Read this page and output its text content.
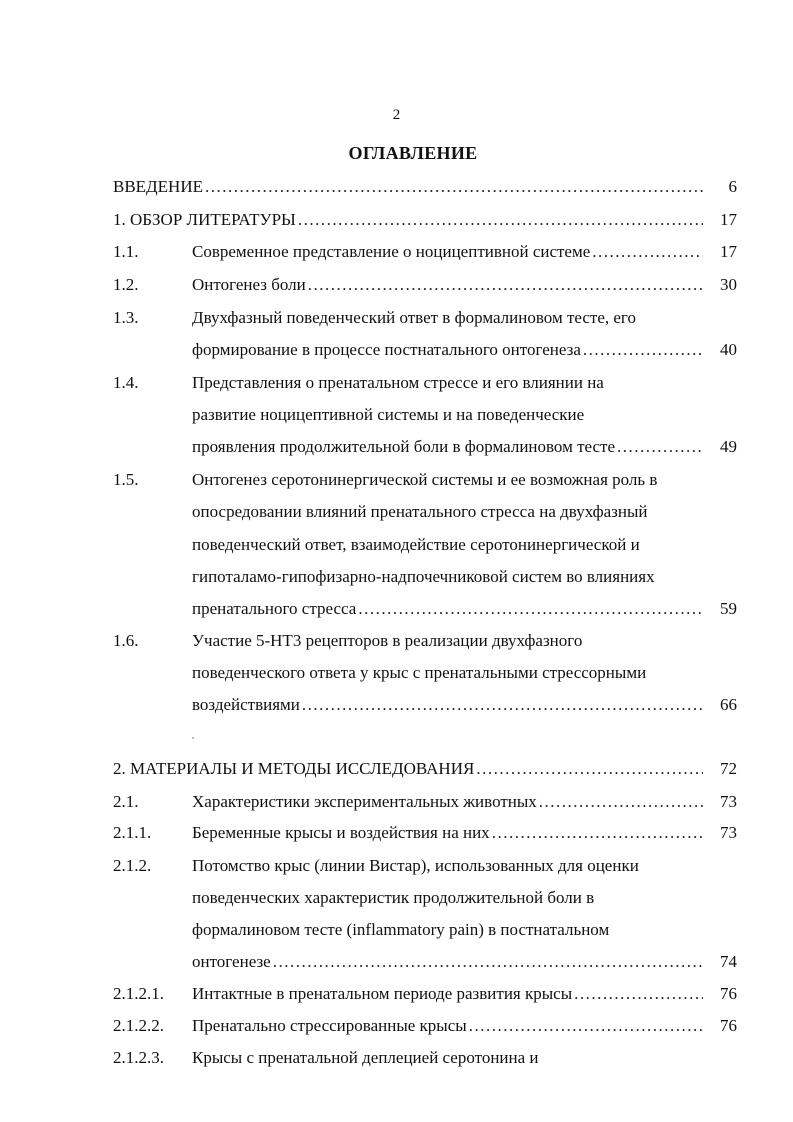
2
ОГЛАВЛЕНИЕ
ВВЕДЕНИЕ .....	6
1. ОБЗОР ЛИТЕРАТУРЫ .....	17
1.1.	Современное представление о ноцицептивной системе .....	17
1.2.	Онтогенез боли .....	30
1.3.	Двухфазный поведенческий ответ в формалиновом тесте, его
формирование в процессе постнатального онтогенеза .....	40
1.4.	Представления о пренатальном стрессе и его влиянии на
развитие ноцицептивной системы и на поведенческие
проявления продолжительной боли в формалиновом тесте .....	49
1.5.	Онтогенез серотонинергической системы и ее возможная роль в
опосредовании влияний пренатального стресса на двухфазный
поведенческий ответ, взаимодействие серотонинергической и
гипоталамо-гипофизарно-надпочечниковой систем во влияниях
пренатального стресса .....	59
1.6.	Участие 5-НТ3 рецепторов в реализации двухфазного
поведенческого ответа у крыс с пренатальными стрессорными
воздействиями .....	66
2. МАТЕРИАЛЫ И МЕТОДЫ ИССЛЕДОВАНИЯ .....	72
2.1.	Характеристики экспериментальных животных .....	73
2.1.1. Беременные крысы и воздействия на них .....	73
2.1.2. Потомство крыс (линии Вистар), использованных для оценки
поведенческих характеристик продолжительной боли в
формалиновом тесте (inflammatory pain) в постнатальном
онтогенезе .....	74
2.1.2.1. Интактные в пренатальном периоде развития крысы .....	76
2.1.2.2. Пренатально стрессированные крысы .....	76
2.1.2.3. Крысы с пренатальной деплецией серотонина и
